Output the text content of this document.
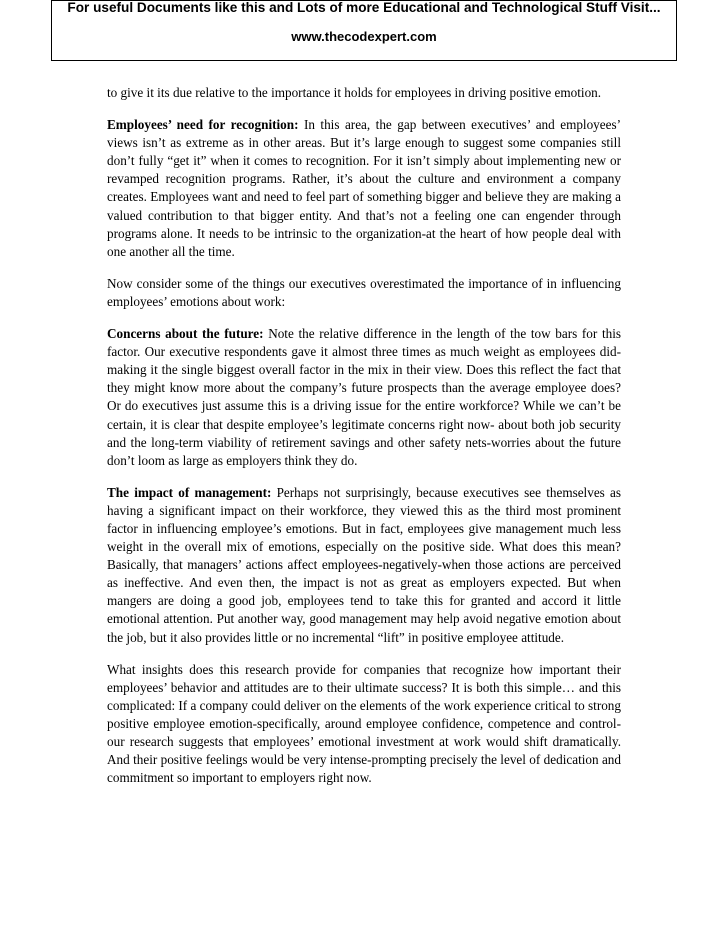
For useful Documents like this and Lots of more Educational and Technological Stuff Visit...
www.thecodexpert.com

to give it its due relative to the importance it holds for employees in driving positive emotion.

Employees’ need for recognition: In this area, the gap between executives’ and employees’ views isn’t as extreme as in other areas. But it’s large enough to suggest some companies still don’t fully “get it” when it comes to recognition. For it isn’t simply about implementing new or revamped recognition programs. Rather, it’s about the culture and environment a company creates. Employees want and need to feel part of something bigger and believe they are making a valued contribution to that bigger entity. And that’s not a feeling one can engender through programs alone. It needs to be intrinsic to the organization-at the heart of how people deal with one another all the time.

Now consider some of the things our executives overestimated the importance of in influencing employees’ emotions about work:

Concerns about the future: Note the relative difference in the length of the tow bars for this factor. Our executive respondents gave it almost three times as much weight as employees did-making it the single biggest overall factor in the mix in their view. Does this reflect the fact that they might know more about the company’s future prospects than the average employee does? Or do executives just assume this is a driving issue for the entire workforce? While we can’t be certain, it is clear that despite employee’s legitimate concerns right now- about both job security and the long-term viability of retirement savings and other safety nets-worries about the future don’t loom as large as employers think they do.

The impact of management: Perhaps not surprisingly, because executives see themselves as having a significant impact on their workforce, they viewed this as the third most prominent factor in influencing employee’s emotions. But in fact, employees give management much less weight in the overall mix of emotions, especially on the positive side. What does this mean? Basically, that managers’ actions affect employees-negatively-when those actions are perceived as ineffective. And even then, the impact is not as great as employers expected. But when mangers are doing a good job, employees tend to take this for granted and accord it little emotional attention. Put another way, good management may help avoid negative emotion about the job, but it also provides little or no incremental “lift” in positive employee attitude.

What insights does this research provide for companies that recognize how important their employees’ behavior and attitudes are to their ultimate success? It is both this simple… and this complicated: If a company could deliver on the elements of the work experience critical to strong positive employee emotion-specifically, around employee confidence, competence and control-our research suggests that employees’ emotional investment at work would shift dramatically. And their positive feelings would be very intense-prompting precisely the level of dedication and commitment so important to employers right now.
